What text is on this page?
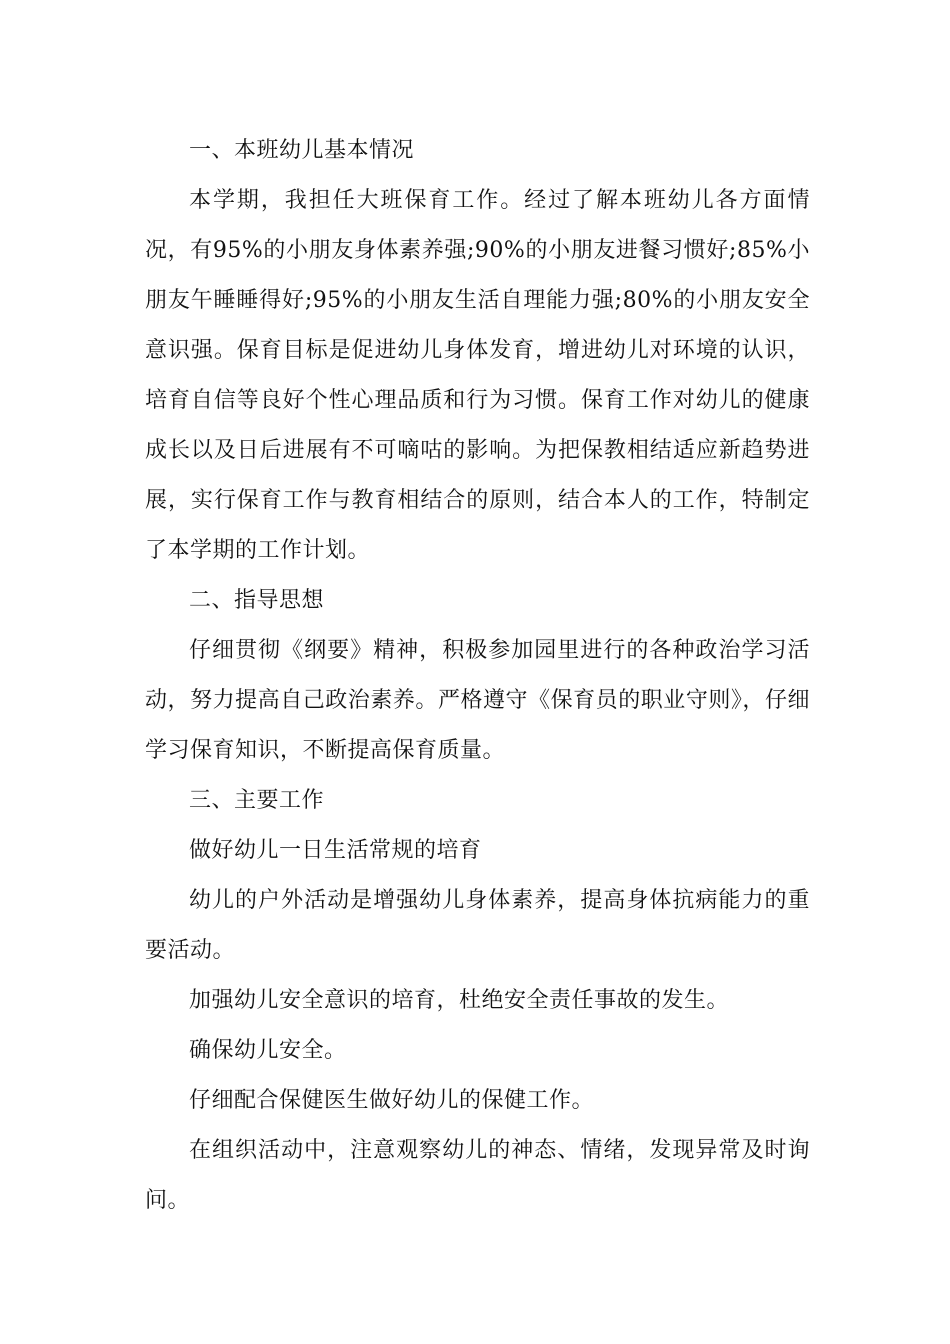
一、本班幼儿基本情况

本学期，我担任大班保育工作。经过了解本班幼儿各方面情况，有95%的小朋友身体素养强;90%的小朋友进餐习惯好;85%小朋友午睡睡得好;95%的小朋友生活自理能力强;80%的小朋友安全意识强。保育目标是促进幼儿身体发育，增进幼儿对环境的认识，培育自信等良好个性心理品质和行为习惯。保育工作对幼儿的健康成长以及日后进展有不可嘀咕的影响。为把保教相结适应新趋势进展，实行保育工作与教育相结合的原则，结合本人的工作，特制定了本学期的工作计划。

二、指导思想

仔细贯彻《纲要》精神，积极参加园里进行的各种政治学习活动，努力提高自己政治素养。严格遵守《保育员的职业守则》，仔细学习保育知识，不断提高保育质量。

三、主要工作

做好幼儿一日生活常规的培育

幼儿的户外活动是增强幼儿身体素养，提高身体抗病能力的重要活动。

加强幼儿安全意识的培育，杜绝安全责任事故的发生。

确保幼儿安全。

仔细配合保健医生做好幼儿的保健工作。

在组织活动中，注意观察幼儿的神态、情绪，发现异常及时询问。
